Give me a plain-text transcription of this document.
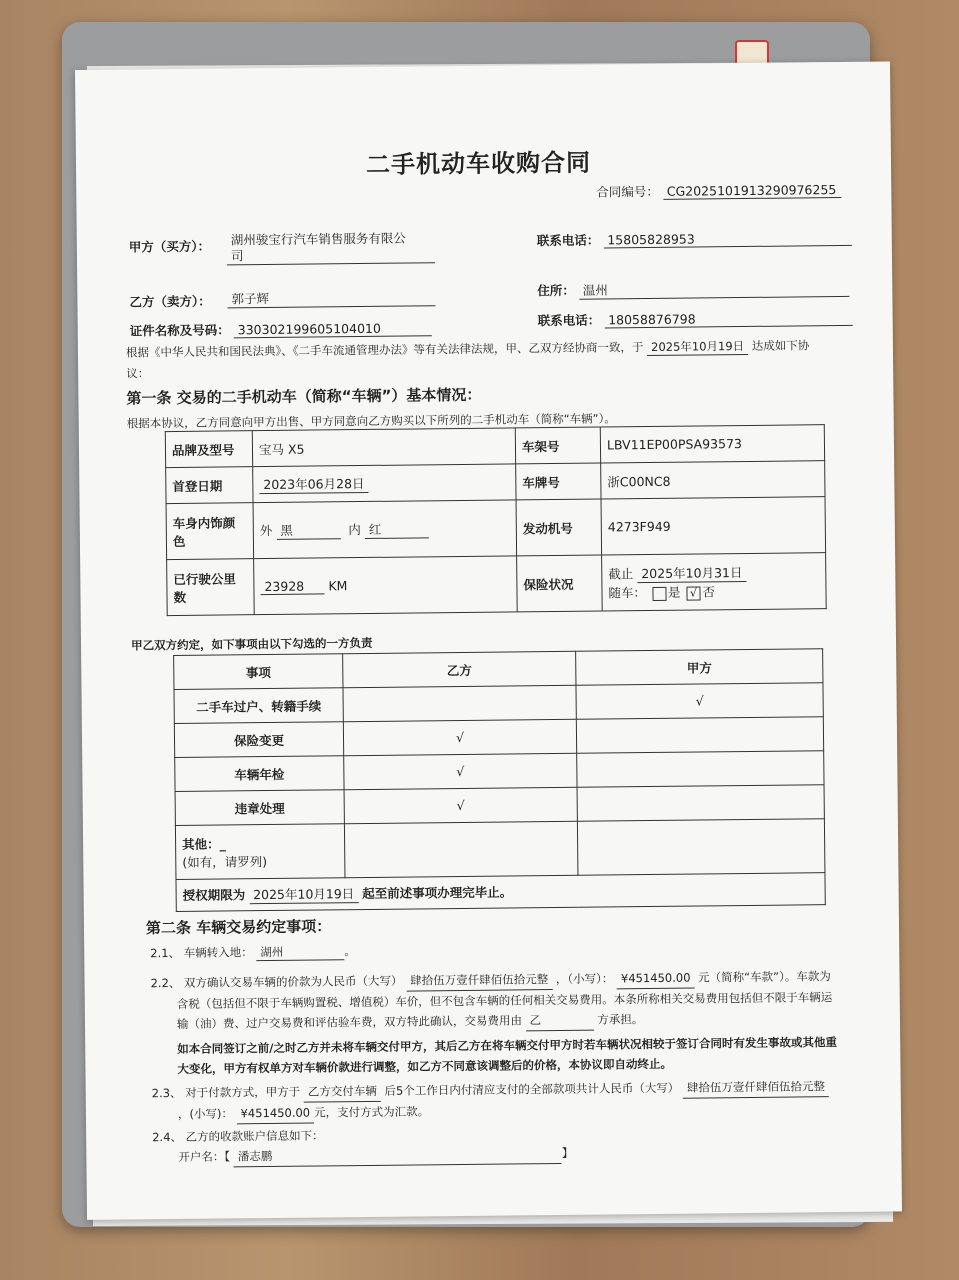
二手机动车收购合同
合同编号： CG2025101913290976255
甲方（买方）：	湖州骏宝行汽车销售服务有限公
司
联系电话： 15805828953
乙方（卖方）：	郭子辉
住所： 温州
证件名称及号码： 330302199605104010
联系电话： 18058876798
根据《中华人民共和国民法典》、《二手车流通管理办法》等有关法律法规，甲、乙双方经协商一致，于 2025年10月19日 达成如下协
议：
第一条 交易的二手机动车（简称“车辆”）基本情况：
根据本协议，乙方同意向甲方出售、甲方同意向乙方购买以下所列的二手机动车（简称“车辆”）。
品牌及型号	宝马 X5	车架号	LBV11EP00PSA93573
首登日期	2023年06月28日	车牌号	浙C00NC8
车身内饰颜
色	外 黑 内 红	发动机号	4273F949
已行驶公里
数	23928 KM	保险状况	截止 2025年10月31日
随车： 是 √ 否
甲乙双方约定，如下事项由以下勾选的一方负责
事项	乙方	甲方
二手车过户、转籍手续		√
保险变更	√	
车辆年检	√	
违章处理	√	
其他：_
(如有，请罗列)		
授权期限为 2025年10月19日 起至前述事项办理完毕止。		
第二条 车辆交易约定事项：
2.1、 车辆转入地： 湖州	。
2.2、 双方确认交易车辆的价款为人民币（大写） 肆拾伍万壹仟肆佰伍拾元整 ，（小写）： ¥451450.00 元（简称“车款”）。车款为
含税（包括但不限于车辆购置税、增值税）车价，但不包含车辆的任何相关交易费用。本条所称相关交易费用包括但不限于车辆运
输（油）费、过户交易费和评估验车费，双方特此确认，交易费用由 乙	方承担。
如本合同签订之前/之时乙方并未将车辆交付甲方，其后乙方在将车辆交付甲方时若车辆状况相较于签订合同时有发生事故或其他重
大变化，甲方有权单方对车辆价款进行调整，如乙方不同意该调整后的价格，本协议即自动终止。
2.3、 对于付款方式，甲方于 乙方交付车辆 后5个工作日内付清应支付的全部款项共计人民币（大写） 肆拾伍万壹仟肆佰伍拾元整
，(小写)： ¥451450.00 元，支付方式为汇款。
2.4、 乙方的收款账户信息如下：
开户名：【 潘志鹏	】
